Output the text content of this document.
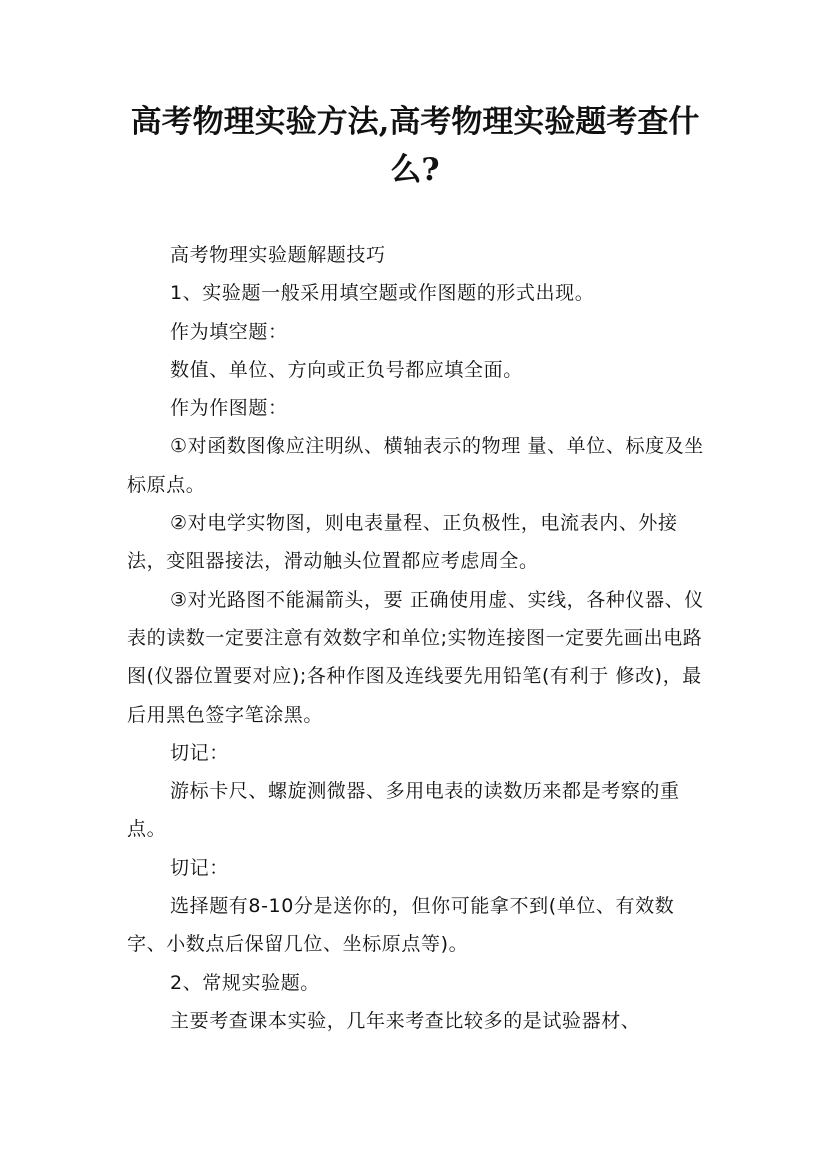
高考物理实验方法,高考物理实验题考查什么?

高考物理实验题解题技巧

1、实验题一般采用填空题或作图题的形式出现。

作为填空题：

数值、单位、方向或正负号都应填全面。

作为作图题：

①对函数图像应注明纵、横轴表示的物理 量、单位、标度及坐标原点。

②对电学实物图，则电表量程、正负极性，电流表内、外接法，变阻器接法，滑动触头位置都应考虑周全。

③对光路图不能漏箭头，要 正确使用虚、实线，各种仪器、仪表的读数一定要注意有效数字和单位;实物连接图一定要先画出电路图(仪器位置要对应);各种作图及连线要先用铅笔(有利于 修改)，最后用黑色签字笔涂黑。

切记：

游标卡尺、螺旋测微器、多用电表的读数历来都是考察的重点。

切记：

选择题有8-10分是送你的，但你可能拿不到(单位、有效数字、小数点后保留几位、坐标原点等)。

2、常规实验题。

主要考查课本实验，几年来考查比较多的是试验器材、
